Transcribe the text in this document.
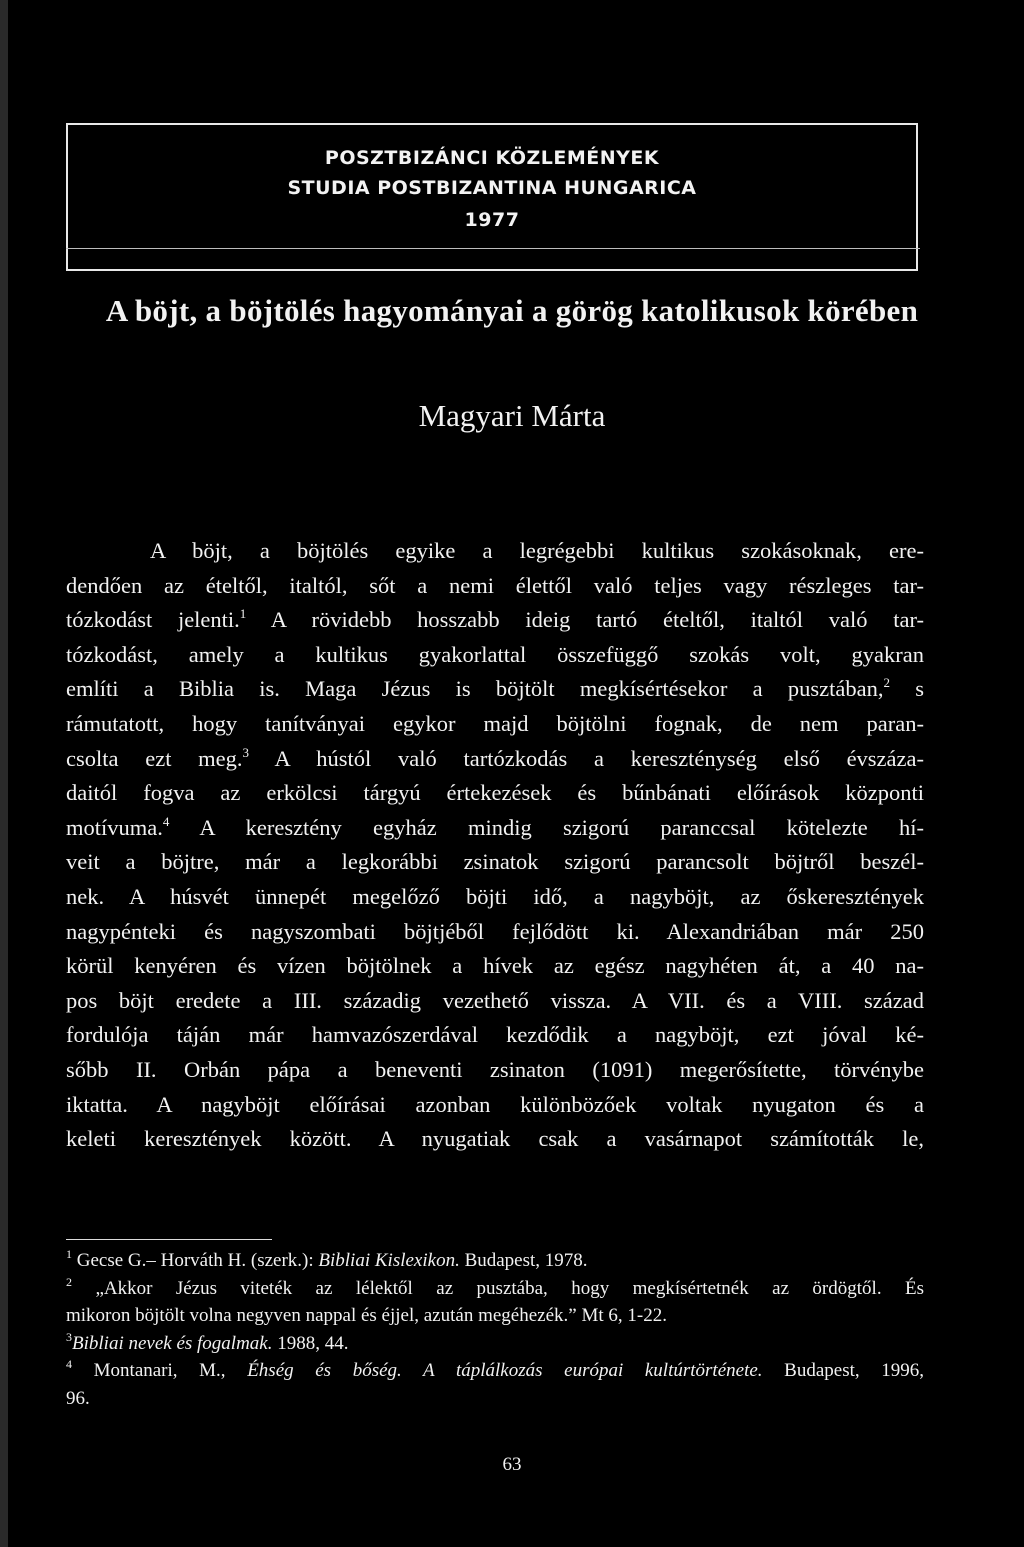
POSZTBIZÁNCI KÖZLEMÉNYEK
STUDIA POSTBIZANTINA HUNGARICA
1977
A böjt, a böjtölés hagyományai a görög katolikusok körében
Magyari Márta
A böjt, a böjtölés egyike a legrégebbi kultikus szokásoknak, ere-
dendően az ételtől, italtól, sőt a nemi élettől való teljes vagy részleges tar-
tózkodást jelenti.$^1$ A rövidebb hosszabb ideig tartó ételtől, italtól való tar-
tózkodást, amely a kultikus gyakorlattal összefüggő szokás volt, gyakran
említi a Biblia is. Maga Jézus is böjtölt megkísértésekor a pusztában,$^2$ s
rámutatott, hogy tanítványai egykor majd böjtölni fognak, de nem paran-
csolta ezt meg.$^3$ A hústól való tartózkodás a kereszténység első évszáza-
daitól fogva az erkölcsi tárgyú értekezések és bűnbánati előírások központi
motívuma.$^4$ A keresztény egyház mindig szigorú paranccsal kötelezte hí-
veit a böjtre, már a legkorábbi zsinatok szigorú parancsolt böjtről beszél-
nek. A húsvét ünnepét megelőző böjti idő, a nagyböjt, az őskeresztények
nagypénteki és nagyszombati böjtjéből fejlődött ki. Alexandriában már 250
körül kenyéren és vízen böjtölnek a hívek az egész nagyhéten át, a 40 na-
pos böjt eredete a III. századig vezethető vissza. A VII. és a VIII. század
fordulója táján már hamvazószerdával kezdődik a nagyböjt, ezt jóval ké-
sőbb II. Orbán pápa a beneventi zsinaton (1091) megerősítette, törvénybe
iktatta. A nagyböjt előírásai azonban különbözőek voltak nyugaton és a
keleti keresztények között. A nyugatiak csak a vasárnapot számították le,
$^1$ Gecse G.– Horváth H. (szerk.): Bibliai Kislexikon. Budapest, 1978.
$^2$ „Akkor Jézus viteték az lélektől az pusztába, hogy megkísértetnék az ördögtől. És
mikoron böjtölt volna negyven nappal és éjjel, azután megéhezék.” Mt 6, 1-22.
$^3$Bibliai nevek és fogalmak. 1988, 44.
$^4$ Montanari, M., Éhség és bőség. A táplálkozás európai kultúrtörténete. Budapest, 1996,
96.
63
